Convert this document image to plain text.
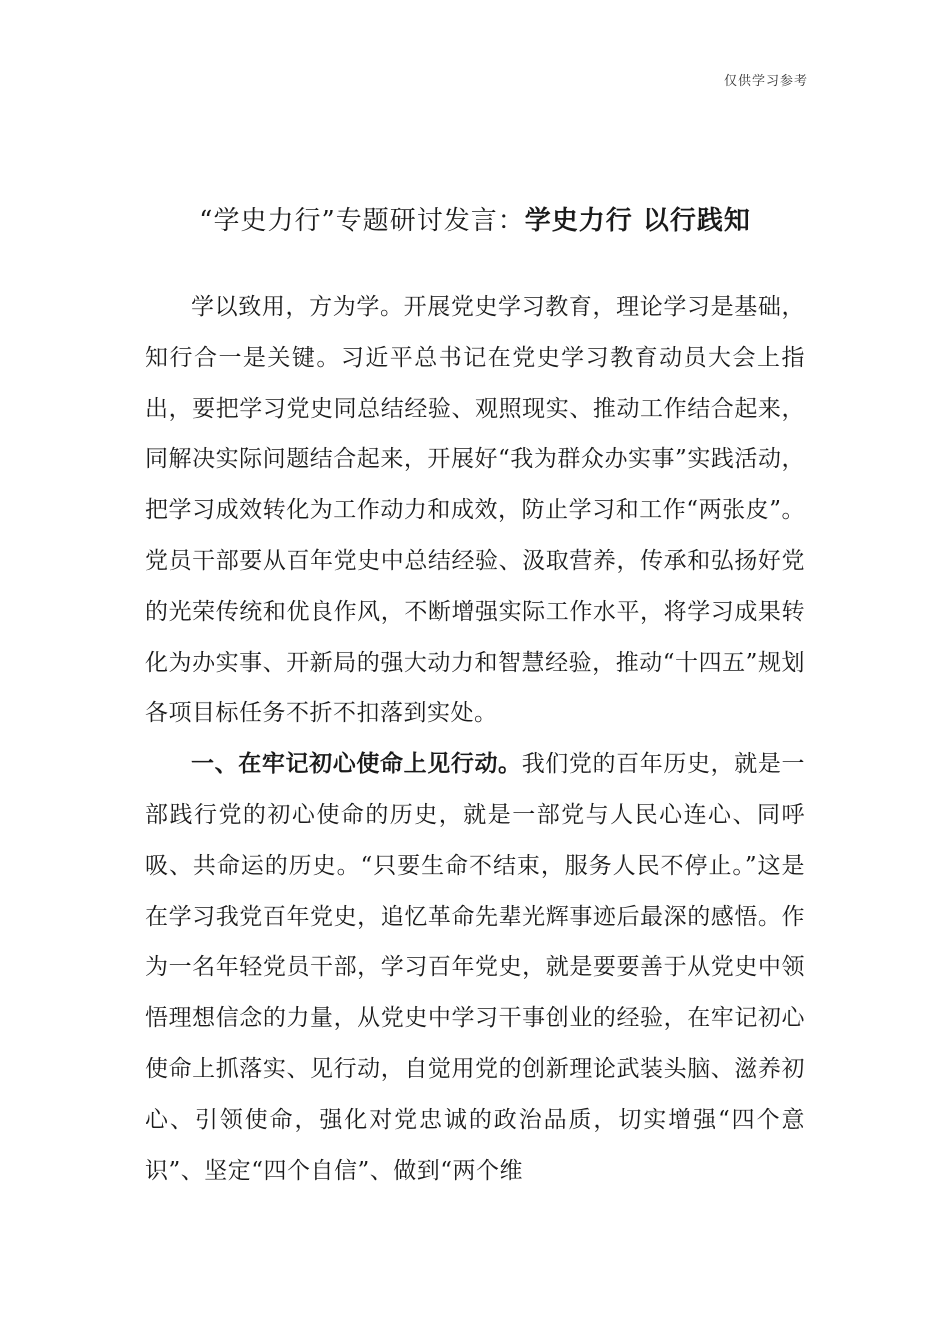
仅供学习参考
“学史力行”专题研讨发言：学史力行 以行践知

学以致用，方为学。开展党史学习教育，理论学习是基础，知行合一是关键。习近平总书记在党史学习教育动员大会上指出，要把学习党史同总结经验、观照现实、推动工作结合起来，同解决实际问题结合起来，开展好“我为群众办实事”实践活动，把学习成效转化为工作动力和成效，防止学习和工作“两张皮”。党员干部要从百年党史中总结经验、汲取营养，传承和弘扬好党的光荣传统和优良作风，不断增强实际工作水平，将学习成果转化为办实事、开新局的强大动力和智慧经验，推动“十四五”规划各项目标任务不折不扣落到实处。

一、在牢记初心使命上见行动。我们党的百年历史，就是一部践行党的初心使命的历史，就是一部党与人民心连心、同呼吸、共命运的历史。“只要生命不结束，服务人民不停止。”这是在学习我党百年党史，追忆革命先辈光辉事迹后最深的感悟。作为一名年轻党员干部，学习百年党史，就是要要善于从党史中领悟理想信念的力量，从党史中学习干事创业的经验，在牢记初心使命上抓落实、见行动，自觉用党的创新理论武装头脑、滋养初心、引领使命，强化对党忠诚的政治品质，切实增强“四个意识”、坚定“四个自信”、做到“两个维
